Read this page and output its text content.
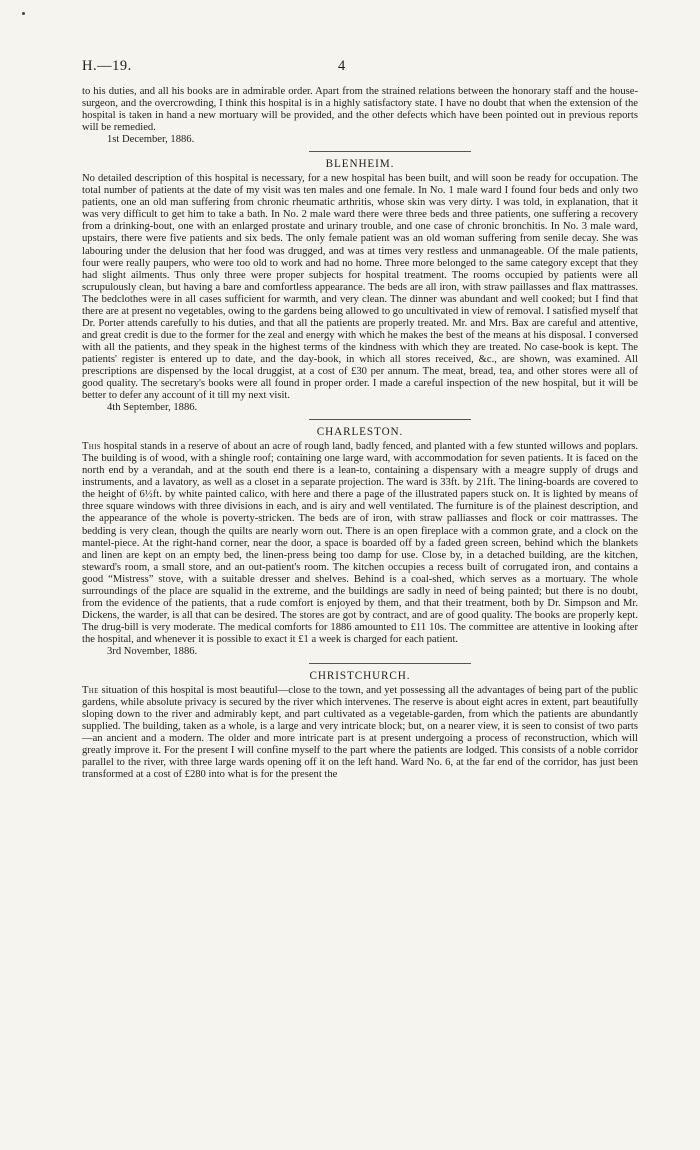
H.—19.	4

to his duties, and all his books are in admirable order. Apart from the strained relations between the honorary staff and the house-surgeon, and the overcrowding, I think this hospital is in a highly satisfactory state. I have no doubt that when the extension of the hospital is taken in hand a new mortuary will be provided, and the other defects which have been pointed out in previous reports will be remedied.

1st December, 1886.
BLENHEIM.

No detailed description of this hospital is necessary, for a new hospital has been built, and will soon be ready for occupation. The total number of patients at the date of my visit was ten males and one female. In No. 1 male ward I found four beds and only two patients, one an old man suffering from chronic rheumatic arthritis, whose skin was very dirty. I was told, in explanation, that it was very difficult to get him to take a bath. In No. 2 male ward there were three beds and three patients, one suffering a recovery from a drinking-bout, one with an enlarged prostate and urinary trouble, and one case of chronic bronchitis. In No. 3 male ward, upstairs, there were five patients and six beds. The only female patient was an old woman suffering from senile decay. She was labouring under the delusion that her food was drugged, and was at times very restless and unmanageable. Of the male patients, four were really paupers, who were too old to work and had no home. Three more belonged to the same category except that they had slight ailments. Thus only three were proper subjects for hospital treatment. The rooms occupied by patients were all scrupulously clean, but having a bare and comfortless appearance. The beds are all iron, with straw paillasses and flax mattrasses. The bedclothes were in all cases sufficient for warmth, and very clean. The dinner was abundant and well cooked; but I find that there are at present no vegetables, owing to the gardens being allowed to go uncultivated in view of removal. I satisfied myself that Dr. Porter attends carefully to his duties, and that all the patients are properly treated. Mr. and Mrs. Bax are careful and attentive, and great credit is due to the former for the zeal and energy with which he makes the best of the means at his disposal. I conversed with all the patients, and they speak in the highest terms of the kindness with which they are treated. No case-book is kept. The patients' register is entered up to date, and the day-book, in which all stores received, &c., are shown, was examined. All prescriptions are dispensed by the local druggist, at a cost of £30 per annum. The meat, bread, tea, and other stores were all of good quality. The secretary's books were all found in proper order. I made a careful inspection of the new hospital, but it will be better to defer any account of it till my next visit.

4th September, 1886.
CHARLESTON.

This hospital stands in a reserve of about an acre of rough land, badly fenced, and planted with a few stunted willows and poplars. The building is of wood, with a shingle roof; containing one large ward, with accommodation for seven patients. It is faced on the north end by a verandah, and at the south end there is a lean-to, containing a dispensary with a meagre supply of drugs and instruments, and a lavatory, as well as a closet in a separate projection. The ward is 33ft. by 21ft. The lining-boards are covered to the height of 6½ft. by white painted calico, with here and there a page of the illustrated papers stuck on. It is lighted by means of three square windows with three divisions in each, and is airy and well ventilated. The furniture is of the plainest description, and the appearance of the whole is poverty-stricken. The beds are of iron, with straw palliasses and flock or coir mattrasses. The bedding is very clean, though the quilts are nearly worn out. There is an open fireplace with a common grate, and a clock on the mantel-piece. At the right-hand corner, near the door, a space is boarded off by a faded green screen, behind which the blankets and linen are kept on an empty bed, the linen-press being too damp for use. Close by, in a detached building, are the kitchen, steward's room, a small store, and an out-patient's room. The kitchen occupies a recess built of corrugated iron, and contains a good “Mistress” stove, with a suitable dresser and shelves. Behind is a coal-shed, which serves as a mortuary. The whole surroundings of the place are squalid in the extreme, and the buildings are sadly in need of being painted; but there is no doubt, from the evidence of the patients, that a rude comfort is enjoyed by them, and that their treatment, both by Dr. Simpson and Mr. Dickens, the warder, is all that can be desired. The stores are got by contract, and are of good quality. The books are properly kept. The drug-bill is very moderate. The medical comforts for 1886 amounted to £11 10s. The committee are attentive in looking after the hospital, and whenever it is possible to exact it £1 a week is charged for each patient.

3rd November, 1886.
CHRISTCHURCH.

The situation of this hospital is most beautiful—close to the town, and yet possessing all the advantages of being part of the public gardens, while absolute privacy is secured by the river which intervenes. The reserve is about eight acres in extent, part beautifully sloping down to the river and admirably kept, and part cultivated as a vegetable-garden, from which the patients are abundantly supplied. The building, taken as a whole, is a large and very intricate block; but, on a nearer view, it is seen to consist of two parts—an ancient and a modern. The older and more intricate part is at present undergoing a process of reconstruction, which will greatly improve it. For the present I will confine myself to the part where the patients are lodged. This consists of a noble corridor parallel to the river, with three large wards opening off it on the left hand. Ward No. 6, at the far end of the corridor, has just been transformed at a cost of £280 into what is for the present the
